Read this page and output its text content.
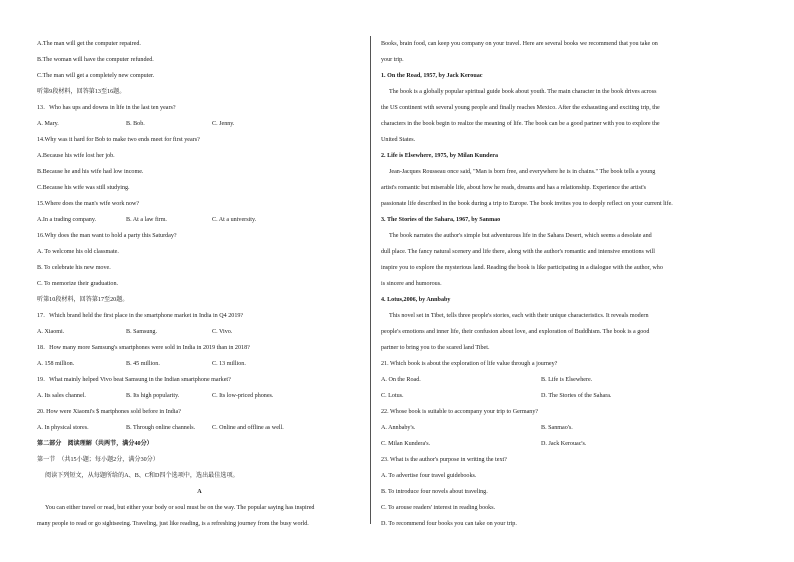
A.The man will get the computer repaired.
B.The woman will have the computer refunded.
C.The man will get a completely new computer.
听第9段材料，回答第13至16题。
13．Who has ups and downs in life in the last ten years?
A. Mary.	B. Bob.	C. Jenny.
14.Why was it hard for Bob to make two ends meet for first years?
A.Because his wife lost her job.
B.Because he and his wife had low income.
C.Because his wife was still studying.
15.Where does the man's wife work now?
A.In a trading company.	B. At a law firm.	C. At a university.
16.Why does the man want to hold a party this Saturday?
A. To welcome his old classmate.
B. To celebrate his new move.
C. To memorize their graduation.
听第10段材料，回答第17至20题。
17．Which brand held the first place in the smartphone market in India in Q4 2019?
A. Xiaomi.	B. Samsung.	C. Vivo.
18．How many more Samsung's smartphones were sold in India in 2019 than in 2018?
A. 158 million.	B. 45 million.	C. 13 million.
19．What mainly helped Vivo beat Samsung in the Indian smartphone market?
A. Its sales channel.	B. Its high popularity.	C. Its low-priced phones.
20. How were Xiaomi's $ martphones sold before in India?
A. In physical stores.	B. Through online channels.	C. Online and offline as well.
第二部分　阅读理解（共两节，满分40分）
第一节　（共15小题；每小题2分，满分30分）
阅读下列短文，从每题所给的A、B、C和D四个选项中，选出最佳选项。
A
You can either travel or read, but either your body or soul must be on the way. The popular saying has inspired
many people to read or go sightseeing. Traveling, just like reading, is a refreshing journey from the busy world.
Books, brain food, can keep you company on your travel. Here are several books we recommend that you take on
your trip.
1. On the Road, 1957, by Jack Kerouac
The book is a globally popular spiritual guide book about youth. The main character in the book drives across
the US continent with several young people and finally reaches Mexico. After the exhausting and exciting trip, the
characters in the book begin to realize the meaning of life. The book can be a good partner with you to explore the
United States.
2. Life is Elsewhere, 1975, by Milan Kundera
Jean-Jacques Rousseau once said, "Man is born free, and everywhere he is in chains." The book tells a young
artist's romantic but miserable life, about how he reads, dreams and has a relationship. Experience the artist's
passionate life described in the book during a trip to Europe. The book invites you to deeply reflect on your current life.
3. The Stories of the Sahara, 1967, by Sanmao
The book narrates the author's simple but adventurous life in the Sahara Desert, which seems a desolate and
dull place. The fancy natural scenery and life there, along with the author's romantic and intensive emotions will
inspire you to explore the mysterious land. Reading the book is like participating in a dialogue with the author, who
is sincere and humorous.
4. Lotus,2006, by Annbaby
This novel set in Tibet, tells three people's stories, each with their unique characteristics. It reveals modern
people's emotions and inner life, their confusion about love, and exploration of Buddhism. The book is a good
partner to bring you to the scared land Tibet.
21. Which book is about the exploration of life value through a journey?
A. On the Road.	B. Life is Elsewhere.
C. Lotus.	D. The Stories of the Sahara.
22. Whose book is suitable to accompany your trip to Germany?
A. Annbaby's.	B. Sanmao's.
C. Milan Kundera's.	D. Jack Kerouac's.
23. What is the author's purpose in writing the text?
A. To advertise four travel guidebooks.
B. To introduce four novels about traveling.
C. To arouse readers' interest in reading books.
D. To recommend four books you can take on your trip.
